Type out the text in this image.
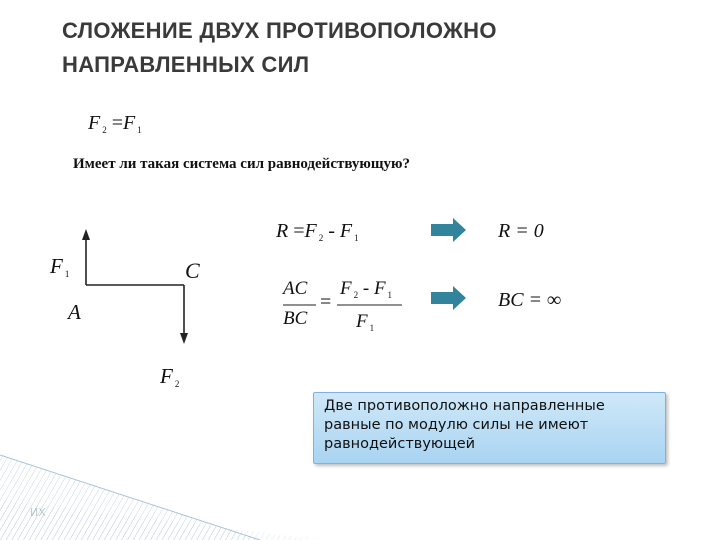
СЛОЖЕНИЕ ДВУХ ПРОТИВОПОЛОЖНО НАПРАВЛЕННЫХ СИЛ
F $_2$ =F $_1$
Имеет ли такая система сил равнодействующую?
F $_1$
A
C
F $_2$
R =F $_2$ - F $_1$	R = 0
AC
BC
=
F $_2$ - F $_1$
F $_1$
BC = ∞
Две противоположно направленные равные по модулю силы не имеют равнодействующей
ИХ
